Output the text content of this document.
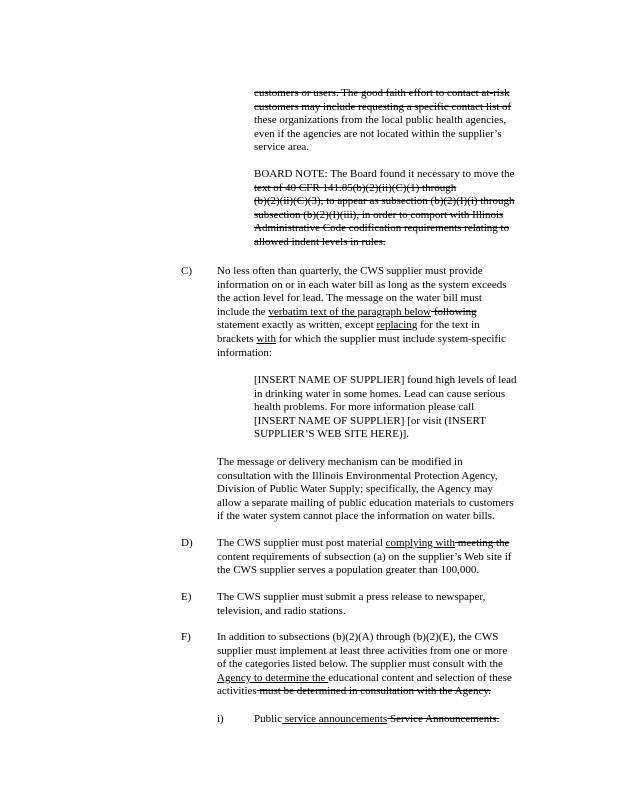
customers or users. The good faith effort to contact at-risk
customers may include requesting a specific contact list of
these organizations from the local public health agencies,
even if the agencies are not located within the supplier’s
service area.
BOARD NOTE: The Board found it necessary to move the
text of 40 CFR 141.85(b)(2)(ii)(C)(1) through
(b)(2)(ii)(C)(3), to appear as subsection (b)(2)(I)(i) through
subsection (b)(2)(I)(iii), in order to comport with Illinois
Administrative Code codification requirements relating to
allowed indent levels in rules.
C) No less often than quarterly, the CWS supplier must provide
information on or in each water bill as long as the system exceeds
the action level for lead. The message on the water bill must
include the verbatim text of the paragraph below following
statement exactly as written, except replacing for the text in
brackets with for which the supplier must include system-specific
information:
[INSERT NAME OF SUPPLIER] found high levels of lead
in drinking water in some homes. Lead can cause serious
health problems. For more information please call
[INSERT NAME OF SUPPLIER] [or visit (INSERT
SUPPLIER’S WEB SITE HERE)].
The message or delivery mechanism can be modified in
consultation with the Illinois Environmental Protection Agency,
Division of Public Water Supply; specifically, the Agency may
allow a separate mailing of public education materials to customers
if the water system cannot place the information on water bills.
D) The CWS supplier must post material complying with meeting the
content requirements of subsection (a) on the supplier’s Web site if
the CWS supplier serves a population greater than 100,000.
E) The CWS supplier must submit a press release to newspaper,
television, and radio stations.
F) In addition to subsections (b)(2)(A) through (b)(2)(E), the CWS
supplier must implement at least three activities from one or more
of the categories listed below. The supplier must consult with the
Agency to determine the educational content and selection of these
activities must be determined in consultation with the Agency.
i)	Public service announcements Service Announcements.
